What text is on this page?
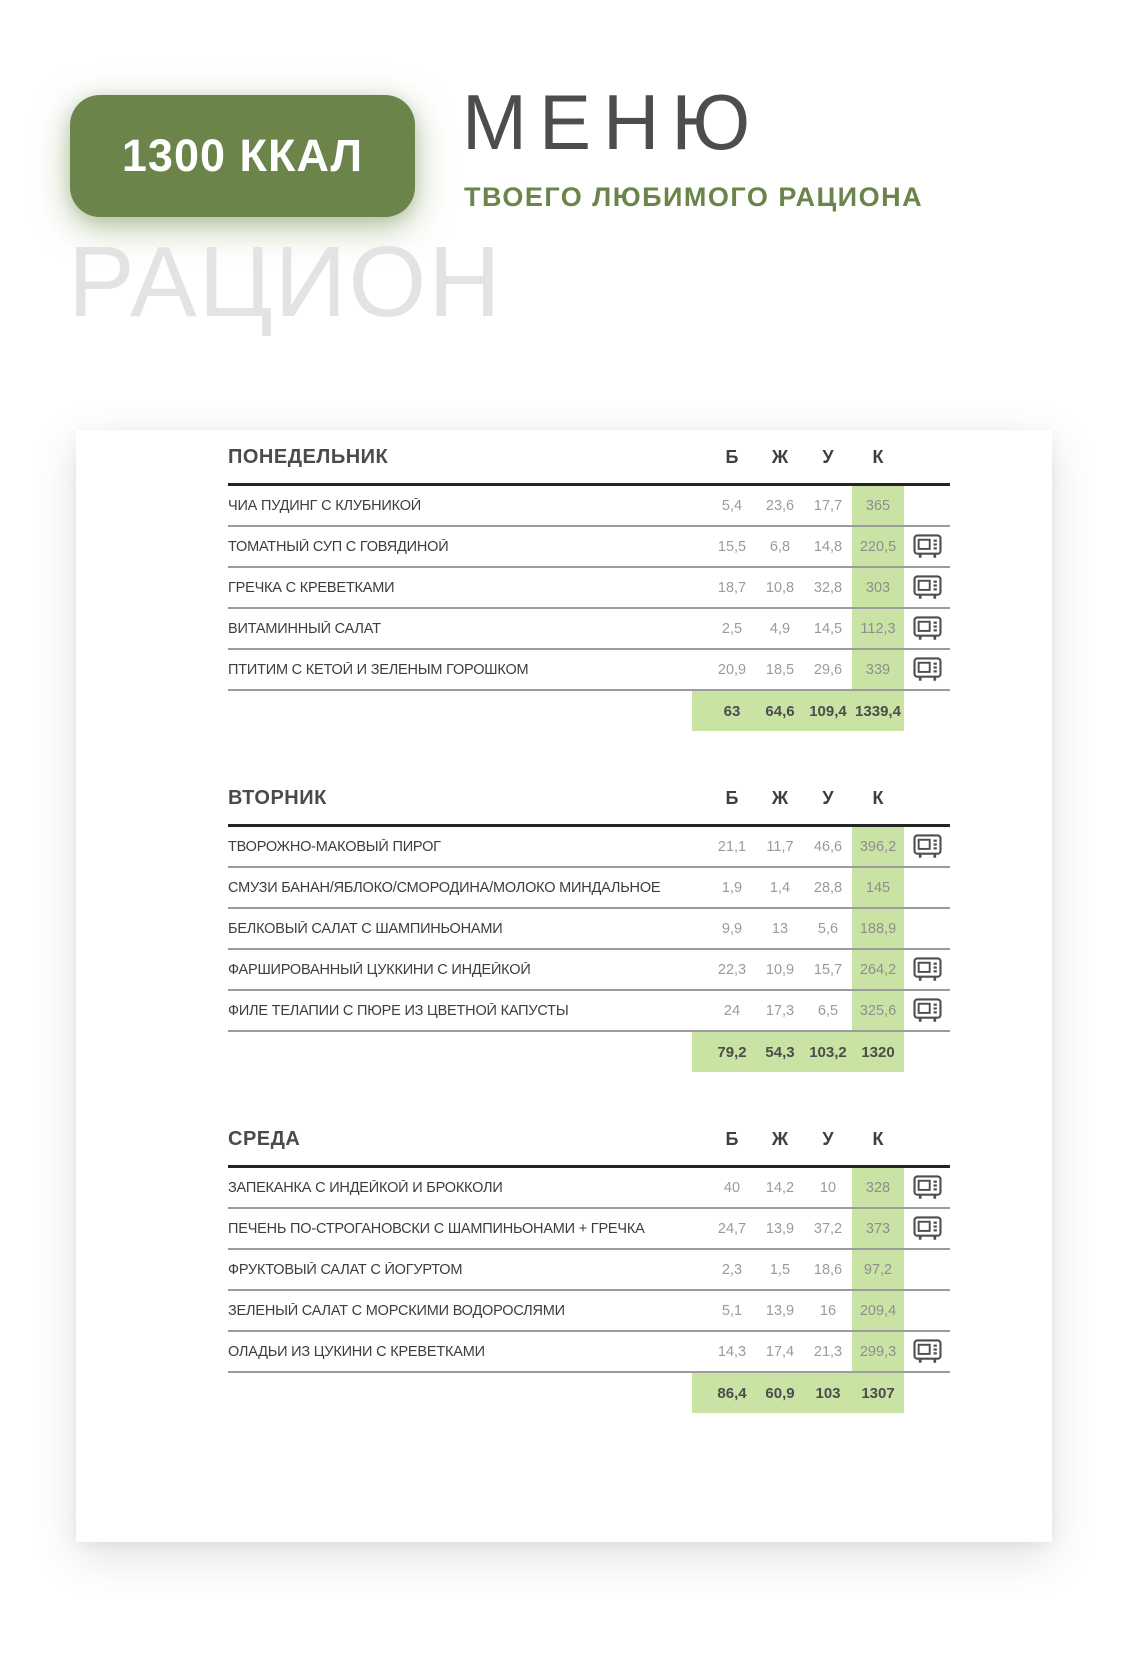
1300 ККАЛ	МЕНЮ
ТВОЕГО ЛЮБИМОГО РАЦИОНА
РАЦИОН
ПОНЕДЕЛЬНИК	Б	Ж	У	К
ЧИА ПУДИНГ С КЛУБНИКОЙ	5,4	23,6	17,7	365
ТОМАТНЫЙ СУП С ГОВЯДИНОЙ	15,5	6,8	14,8	220,5
ГРЕЧКА С КРЕВЕТКАМИ	18,7	10,8	32,8	303
ВИТАМИННЫЙ САЛАТ	2,5	4,9	14,5	112,3
ПТИТИМ С КЕТОЙ И ЗЕЛЕНЫМ ГОРОШКОМ	20,9	18,5	29,6	339
63	64,6 109,4 1339,4
ВТОРНИК	Б	Ж	У	К
ТВОРОЖНО-МАКОВЫЙ ПИРОГ	21,1	11,7	46,6	396,2
СМУЗИ БАНАН/ЯБЛОКО/СМОРОДИНА/МОЛОКО МИНДАЛЬНОЕ	1,9	1,4	28,8	145
БЕЛКОВЫЙ САЛАТ С ШАМПИНЬОНАМИ	9,9	13	5,6	188,9
ФАРШИРОВАННЫЙ ЦУККИНИ С ИНДЕЙКОЙ	22,3	10,9	15,7	264,2
ФИЛЕ ТЕЛАПИИ С ПЮРЕ ИЗ ЦВЕТНОЙ КАПУСТЫ	24	17,3	6,5	325,6
79,2	54,3 103,2 1320
СРЕДА	Б	Ж	У	К
ЗАПЕКАНКА С ИНДЕЙКОЙ И БРОККОЛИ	40	14,2	10	328
ПЕЧЕНЬ ПО-СТРОГАНОВСКИ С ШАМПИНЬОНАМИ + ГРЕЧКА	24,7	13,9	37,2	373
ФРУКТОВЫЙ САЛАТ С ЙОГУРТОМ	2,3	1,5	18,6	97,2
ЗЕЛЕНЫЙ САЛАТ С МОРСКИМИ ВОДОРОСЛЯМИ	5,1	13,9	16	209,4
ОЛАДЬИ ИЗ ЦУКИНИ С КРЕВЕТКАМИ	14,3	17,4	21,3	299,3
86,4	60,9	103	1307
